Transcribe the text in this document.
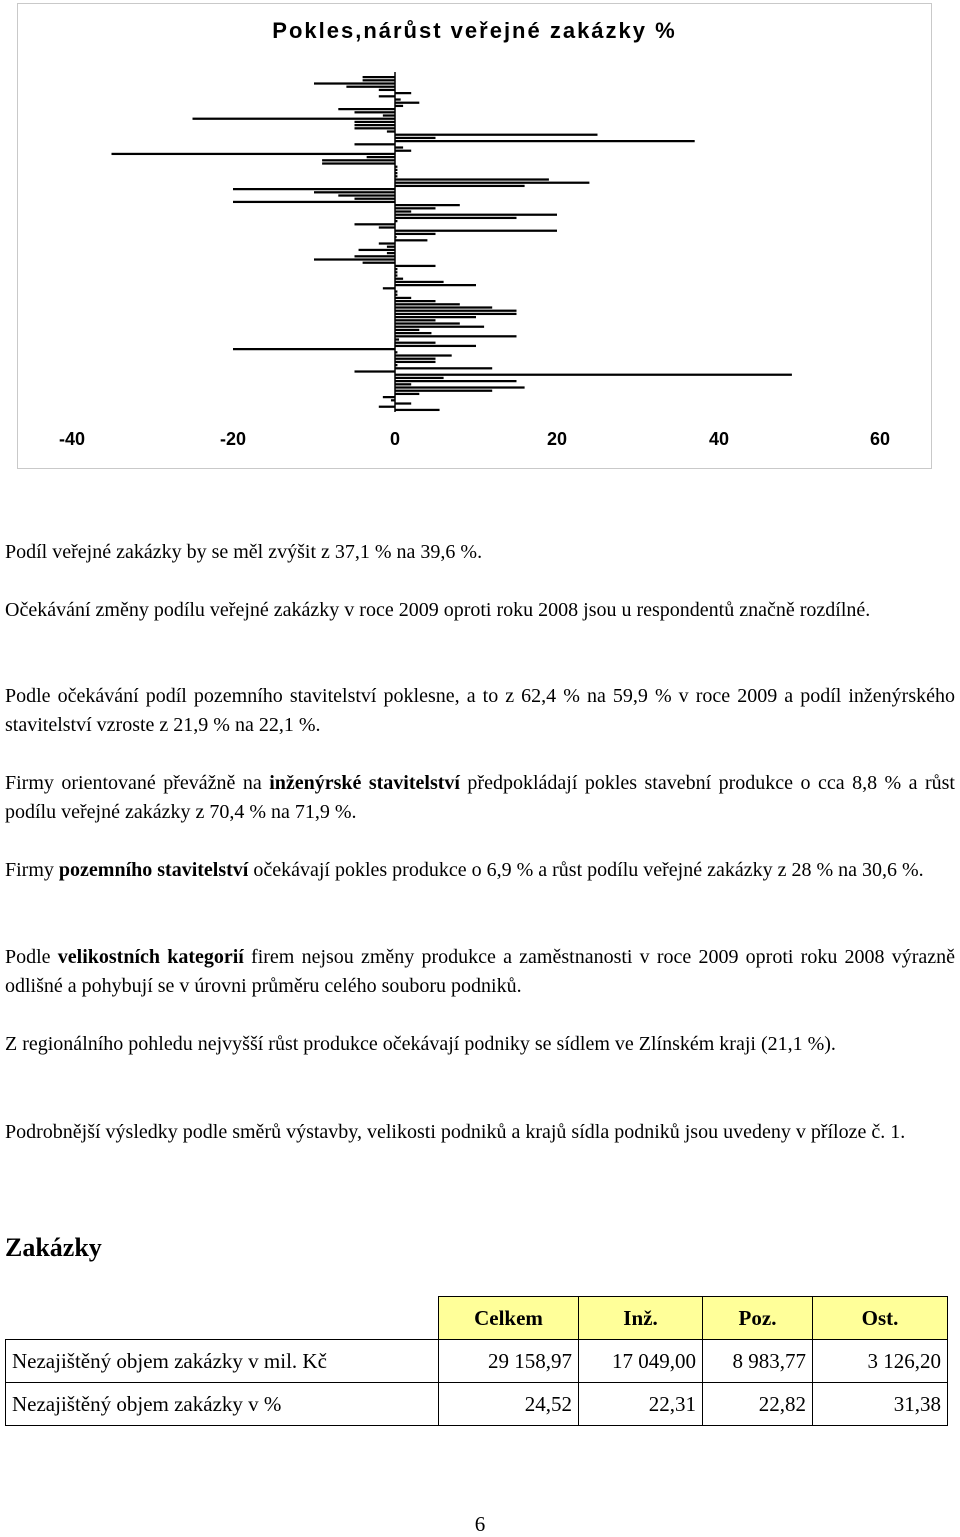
Pokles,nárůst veřejné zakázky %
-40	-20	0	20	40	60

Podíl veřejné zakázky by se měl zvýšit z 37,1 % na 39,6 %.

Očekávání změny podílu veřejné zakázky v roce 2009 oproti roku 2008 jsou u respondentů značně rozdílné.

Podle očekávání podíl pozemního stavitelství poklesne, a to z 62,4 % na 59,9 % v roce 2009 a podíl inženýrského stavitelství vzroste z 21,9 % na 22,1 %.

Firmy orientované převážně na inženýrské stavitelství předpokládají pokles stavební produkce o cca 8,8 % a růst podílu veřejné zakázky z 70,4 % na 71,9 %.

Firmy pozemního stavitelství očekávají pokles produkce o 6,9 % a růst podílu veřejné zakázky z 28 % na 30,6 %.

Podle velikostních kategorií firem nejsou změny produkce a zaměstnanosti v roce 2009 oproti roku 2008 výrazně odlišné a pohybují se v úrovni průměru celého souboru podniků.

Z regionálního pohledu nejvyšší růst produkce očekávají podniky se sídlem ve Zlínském kraji (21,1 %).

Podrobnější výsledky podle směrů výstavby, velikosti podniků a krajů sídla podniků jsou uvedeny v příloze č. 1.

Zakázky
	Celkem	Inž.	Poz.	Ost.
Nezajištěný objem zakázky v mil. Kč	29 158,97	17 049,00	8 983,77	3 126,20
Nezajištěný objem zakázky v %	24,52	22,31	22,82	31,38
6
